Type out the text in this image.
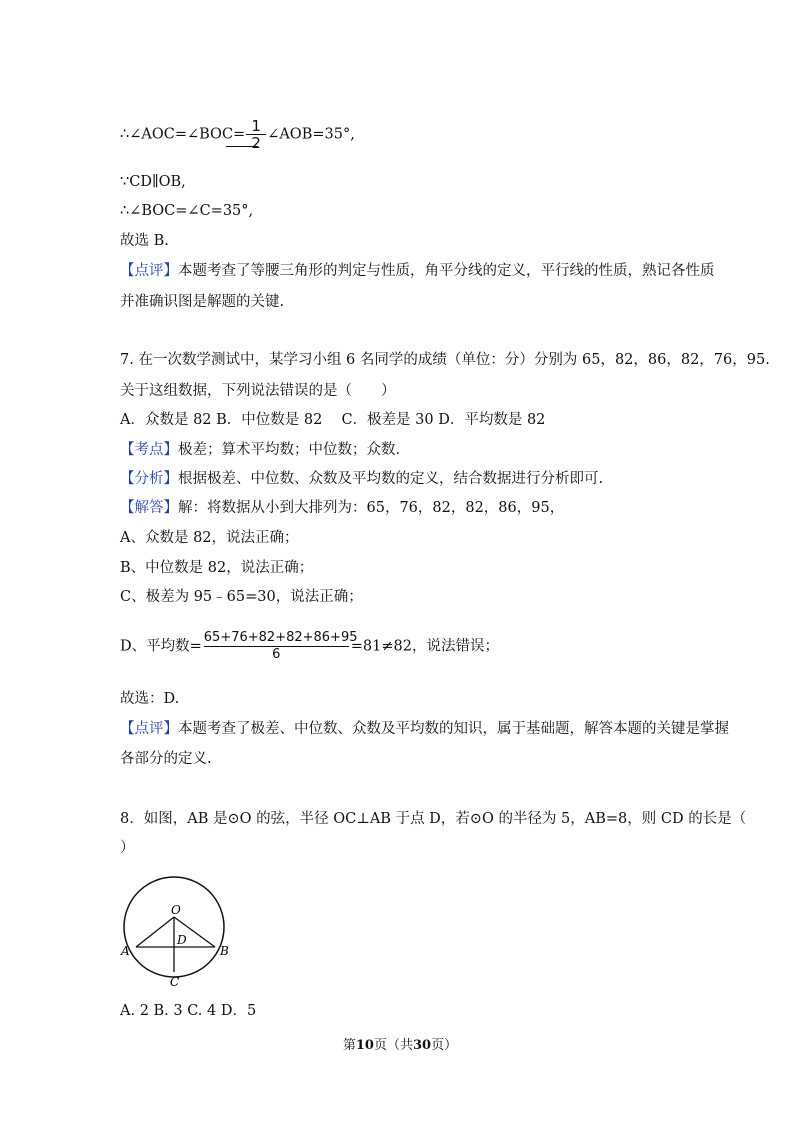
∴∠AOC=∠BOC= $\frac{1}{2}$ ∠AOB=35°,
∵CD∥OB,
∴∠BOC=∠C=35°,
故选 B.
【点评】本题考查了等腰三角形的判定与性质，角平分线的定义，平行线的性质，熟记各性质
并准确识图是解题的关键.
7. 在一次数学测试中，某学习小组 6 名同学的成绩（单位：分）分别为 65，82，86，82，76，95.
关于这组数据，下列说法错误的是（　　）
A．众数是 82 B．中位数是 82　 C．极差是 30 D．平均数是 82
【考点】极差；算术平均数；中位数；众数．
【分析】根据极差、中位数、众数及平均数的定义，结合数据进行分析即可.
【解答】解：将数据从小到大排列为：65，76，82，82，86，95，
A、众数是 82，说法正确；
B、中位数是 82，说法正确；
C、极差为 95﹣65=30，说法正确；
D、平均数= $\frac{65+76+82+82+86+95}{6} =81\ne 82$，说法错误；
故选：D.
【点评】本题考查了极差、中位数、众数及平均数的知识，属于基础题，解答本题的关键是掌握
各部分的定义.
8．如图，AB 是⊙O 的弦，半径 OC⊥AB 于点 D，若⊙O 的半径为 5，AB=8，则 CD 的长是（
）
O
D
A	B
C
A. 2 B. 3 C. 4 D．5
第10页（共30页）
